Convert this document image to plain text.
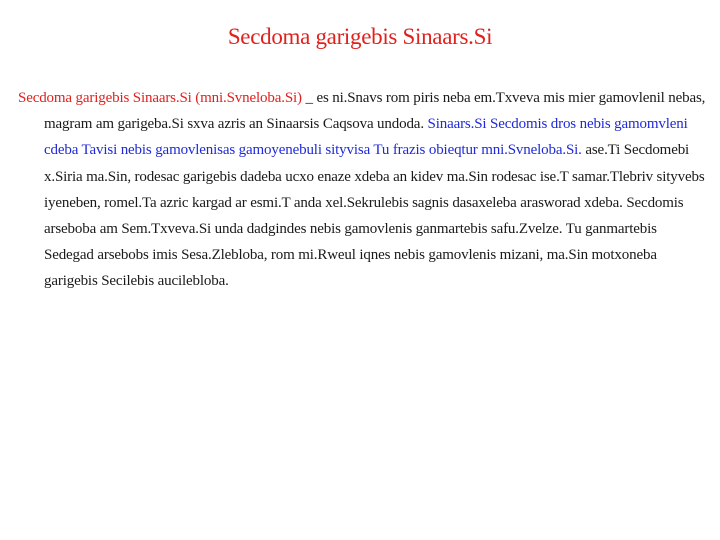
Secdoma garigebis Sinaars.Si
Secdoma garigebis Sinaars.Si (mni.Svneloba.Si) _ es ni.Snavs rom piris neba em.Txveva mis mier gamovlenil nebas, magram am garigeba.Si sxva azris an Sinaarsis Caqsova undoda. Sinaars.Si Secdomis dros nebis gamomvleni cdeba Tavisi nebis gamovlenisas gamoyenebuli sityvisa Tu frazis obieqtur mni.Svneloba.Si. ase.Ti Secdomebi x.Siria ma.Sin, rodesac garigebis dadeba ucxo enaze xdeba an kidev ma.Sin rodesac ise.T samar.Tlebriv sityvebs iyeneben, romel.Ta azric kargad ar esmi.T anda xel.Sekrulebis sagnis dasaxeleba arasworad xdeba. Secdomis arseboba am Sem.Txveva.Si unda dadgindes nebis gamovlenis ganmartebis safu.Zvelze. Tu ganmartebis Sedegad arsebobs imis Sesa.Zlebloba, rom mi.Rweul iqnes nebis gamovlenis mizani, ma.Sin motxoneba garigebis Secilebis aucilebloba.
